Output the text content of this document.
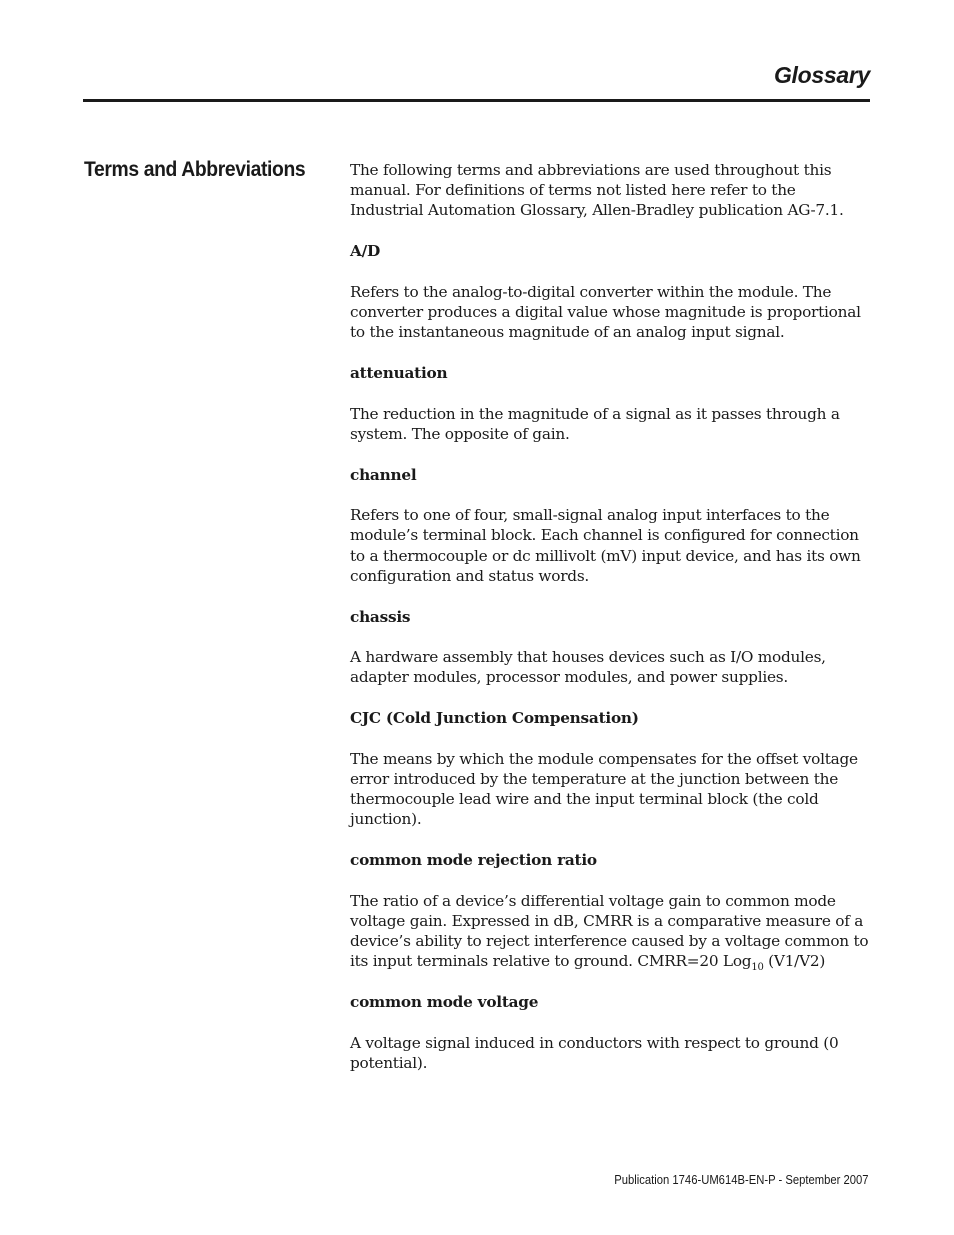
Glossary
Terms and Abbreviations	The following terms and abbreviations are used throughout this manual. For definitions of terms not listed here refer to the Industrial Automation Glossary, Allen-Bradley publication AG-7.1.

A/D

Refers to the analog-to-digital converter within the module. The converter produces a digital value whose magnitude is proportional to the instantaneous magnitude of an analog input signal.

attenuation

The reduction in the magnitude of a signal as it passes through a system. The opposite of gain.

channel

Refers to one of four, small-signal analog input interfaces to the module’s terminal block. Each channel is configured for connection to a thermocouple or dc millivolt (mV) input device, and has its own configuration and status words.

chassis

A hardware assembly that houses devices such as I/O modules, adapter modules, processor modules, and power supplies.

CJC (Cold Junction Compensation)

The means by which the module compensates for the offset voltage error introduced by the temperature at the junction between the thermocouple lead wire and the input terminal block (the cold junction).

common mode rejection ratio

The ratio of a device’s differential voltage gain to common mode voltage gain. Expressed in dB, CMRR is a comparative measure of a device’s ability to reject interference caused by a voltage common to its input terminals relative to ground. CMRR=20 Log$_{10}$ (V1/V2)

common mode voltage

A voltage signal induced in conductors with respect to ground (0 potential).

Publication 1746-UM614B-EN-P - September 2007
